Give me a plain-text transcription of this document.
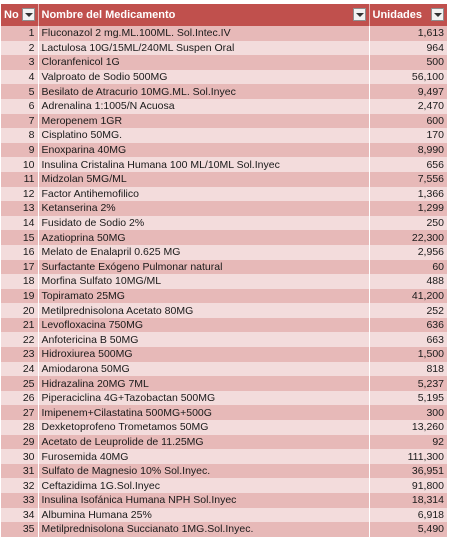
No	Nombre del Medicamento	Unidades

1	Fluconazol 2 mg.ML.100ML. Sol.Intec.IV	1,613
2	Lactulosa 10G/15ML/240ML Suspen Oral	964
3	Cloranfenicol 1G	500
4	Valproato de Sodio 500MG	56,100
5	Besilato de Atracurio 10MG.ML. Sol.Inyec	9,497
6	Adrenalina 1:1005/N Acuosa	2,470
7	Meropenem 1GR	600
8	Cisplatino 50MG.	170
9	Enoxparina 40MG	8,990
10	Insulina Cristalina Humana 100 ML/10ML Sol.Inyec	656
11	Midzolan 5MG/ML	7,556
12	Factor Antihemofilico	1,366
13	Ketanserina 2%	1,299
14	Fusidato de Sodio 2%	250
15	Azatioprina 50MG	22,300
16	Melato de Enalapril 0.625 MG	2,956
17	Surfactante Exógeno Pulmonar natural	60
18	Morfina Sulfato 10MG/ML	488
19	Topiramato 25MG	41,200
20	Metilprednisolona Acetato 80MG	252
21	Levofloxacina 750MG	636
22	Anfotericina B 50MG	663
23	Hidroxiurea 500MG	1,500
24	Amiodarona 50MG	818
25	Hidrazalina 20MG 7ML	5,237
26	Piperaciclina 4G+Tazobactan 500MG	5,195
27	Imipenem+Cilastatina 500MG+500G	300
28	Dexketoprofeno Trometamos 50MG	13,260
29	Acetato de Leuprolide de 11.25MG	92
30	Furosemida 40MG	111,300
31	Sulfato de Magnesio 10% Sol.Inyec.	36,951
32	Ceftazidima 1G.Sol.Inyec	91,800
33	Insulina Isofánica Humana NPH Sol.Inyec	18,314
34	Albumina Humana 25%	6,918
35	Metilprednisolona Succianato 1MG.Sol.Inyec.	5,490
